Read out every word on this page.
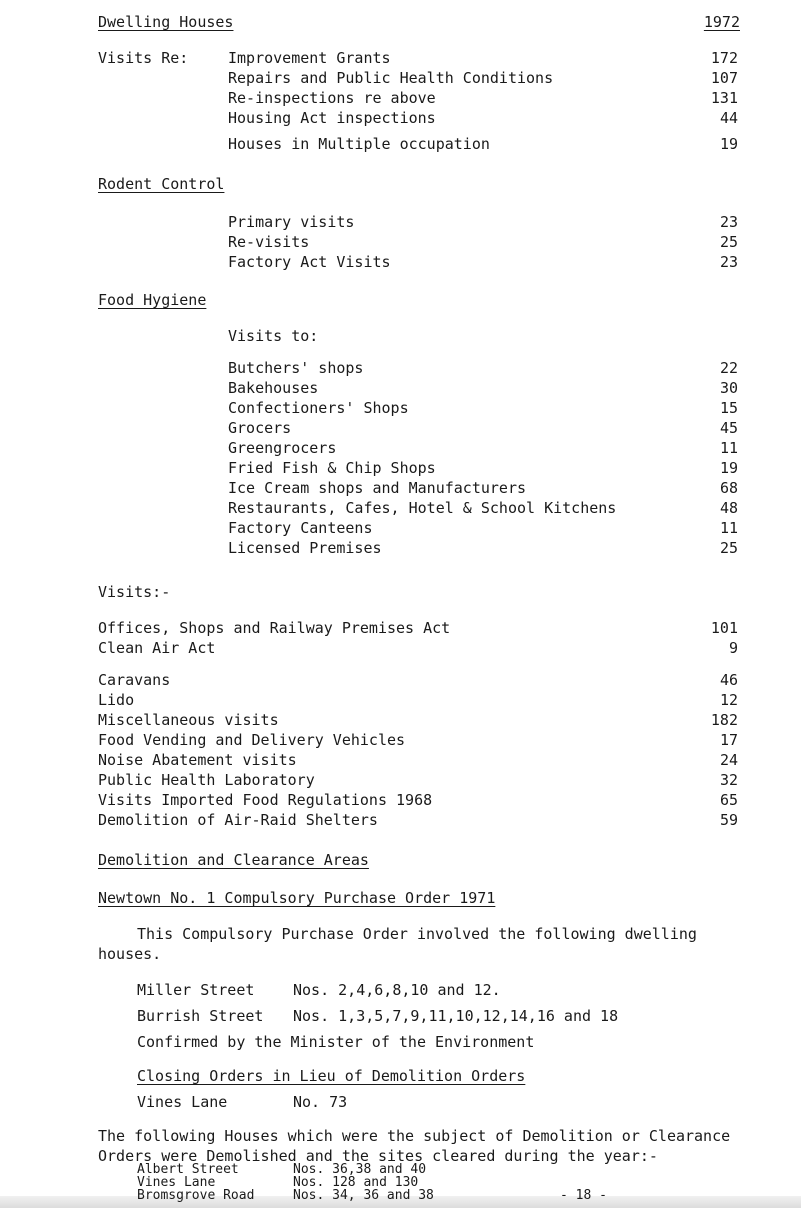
Dwelling Houses	1972
Visits Re:	Improvement Grants	172
Repairs and Public Health Conditions	107
Re-inspections re above	131
Housing Act inspections	44
Houses in Multiple occupation	19
Rodent Control
Primary visits	23
Re-visits	25
Factory Act Visits	23
Food Hygiene
Visits to:
Butchers' shops	22
Bakehouses	30
Confectioners' Shops	15
Grocers	45
Greengrocers	11
Fried Fish & Chip Shops	19
Ice Cream shops and Manufacturers	68
Restaurants, Cafes, Hotel & School Kitchens	48
Factory Canteens	11
Licensed Premises	25
Visits:-
Offices, Shops and Railway Premises Act	101
Clean Air Act	9
Caravans	46
Lido	12
Miscellaneous visits	182
Food Vending and Delivery Vehicles	17
Noise Abatement visits	24
Public Health Laboratory	32
Visits Imported Food Regulations 1968	65
Demolition of Air-Raid Shelters	59
Demolition and Clearance Areas
Newtown No. 1 Compulsory Purchase Order 1971
This Compulsory Purchase Order involved the following dwelling
houses.
Miller Street	Nos. 2,4,6,8,10 and 12.
Burrish Street Nos. 1,3,5,7,9,11,10,12,14,16 and 18
Confirmed by the Minister of the Environment
Closing Orders in Lieu of Demolition Orders
Vines Lane	No. 73
The following Houses which were the subject of Demolition or Clearance
Orders were Demolished and the sites cleared during the year:-
Albert Street	Nos. 36,38 and 40
Vines Lane	Nos. 128 and 130
Bromsgrove Road	Nos. 34, 36 and 38	- 18 -
